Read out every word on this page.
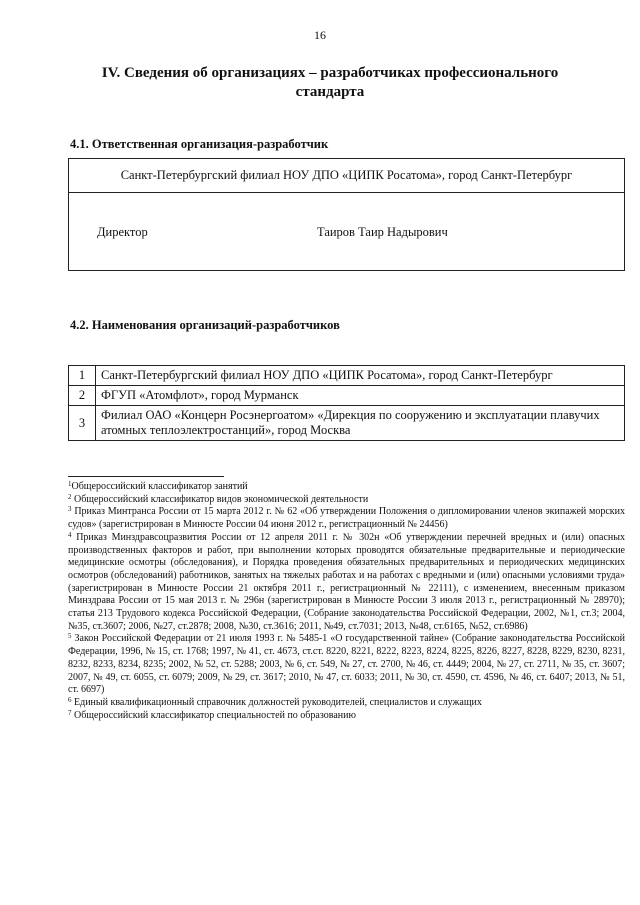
16
IV. Сведения об организациях – разработчиках профессионального стандарта
4.1. Ответственная организация-разработчик
Санкт-Петербургский филиал НОУ ДПО «ЦИПК Росатома», город Санкт-Петербург
Директор	Таиров Таир Надырович
4.2. Наименования организаций-разработчиков
1	Санкт-Петербургский филиал НОУ ДПО «ЦИПК Росатома», город Санкт-Петербург
2	ФГУП «Атомфлот», город Мурманск
3	Филиал ОАО «Концерн Росэнергоатом» «Дирекция по сооружению и эксплуатации плавучих атомных теплоэлектростанций», город Москва

$^1$Общероссийский классификатор занятий

$^2$ Общероссийский классификатор видов экономической деятельности

$^3$ Приказ Минтранса России от 15 марта 2012 г. № 62 «Об утверждении Положения о дипломировании членов экипажей морских судов» (зарегистрирован в Минюсте России 04 июня 2012 г., регистрационный № 24456)

$^4$ Приказ Минздравсоцразвития России от 12 апреля 2011 г. № 302н «Об утверждении перечней вредных и (или) опасных производственных факторов и работ, при выполнении которых проводятся обязательные предварительные и периодические медицинские осмотры (обследования), и Порядка проведения обязательных предварительных и периодических медицинских осмотров (обследований) работников, занятых на тяжелых работах и на работах с вредными и (или) опасными условиями труда» (зарегистрирован в Минюсте России 21 октября 2011 г., регистрационный № 22111), с изменением, внесенным приказом Минздрава России от 15 мая 2013 г. № 296н (зарегистрирован в Минюсте России 3 июля 2013 г., регистрационный № 28970); статья 213 Трудового кодекса Российской Федерации, (Собрание законодательства Российской Федерации, 2002, №1, ст.3; 2004, №35, ст.3607; 2006, №27, ст.2878; 2008, №30, ст.3616; 2011, №49, ст.7031; 2013, №48, ст.6165, №52, ст.6986)

$^5$ Закон Российской Федерации от 21 июля 1993 г. № 5485-1 «О государственной тайне» (Собрание законодательства Российской Федерации, 1996, № 15, ст. 1768; 1997, № 41, ст. 4673, ст.ст. 8220, 8221, 8222, 8223, 8224, 8225, 8226, 8227, 8228, 8229, 8230, 8231, 8232, 8233, 8234, 8235; 2002, № 52, ст. 5288; 2003, № 6, ст. 549, № 27, ст. 2700, № 46, ст. 4449; 2004, № 27, ст. 2711, № 35, ст. 3607; 2007, № 49, ст. 6055, ст. 6079; 2009, № 29, ст. 3617; 2010, № 47, ст. 6033; 2011, № 30, ст. 4590, ст. 4596, № 46, ст. 6407; 2013, № 51, ст. 6697)

$^6$ Единый квалификационный справочник должностей руководителей, специалистов и служащих

$^7$ Общероссийский классификатор специальностей по образованию
